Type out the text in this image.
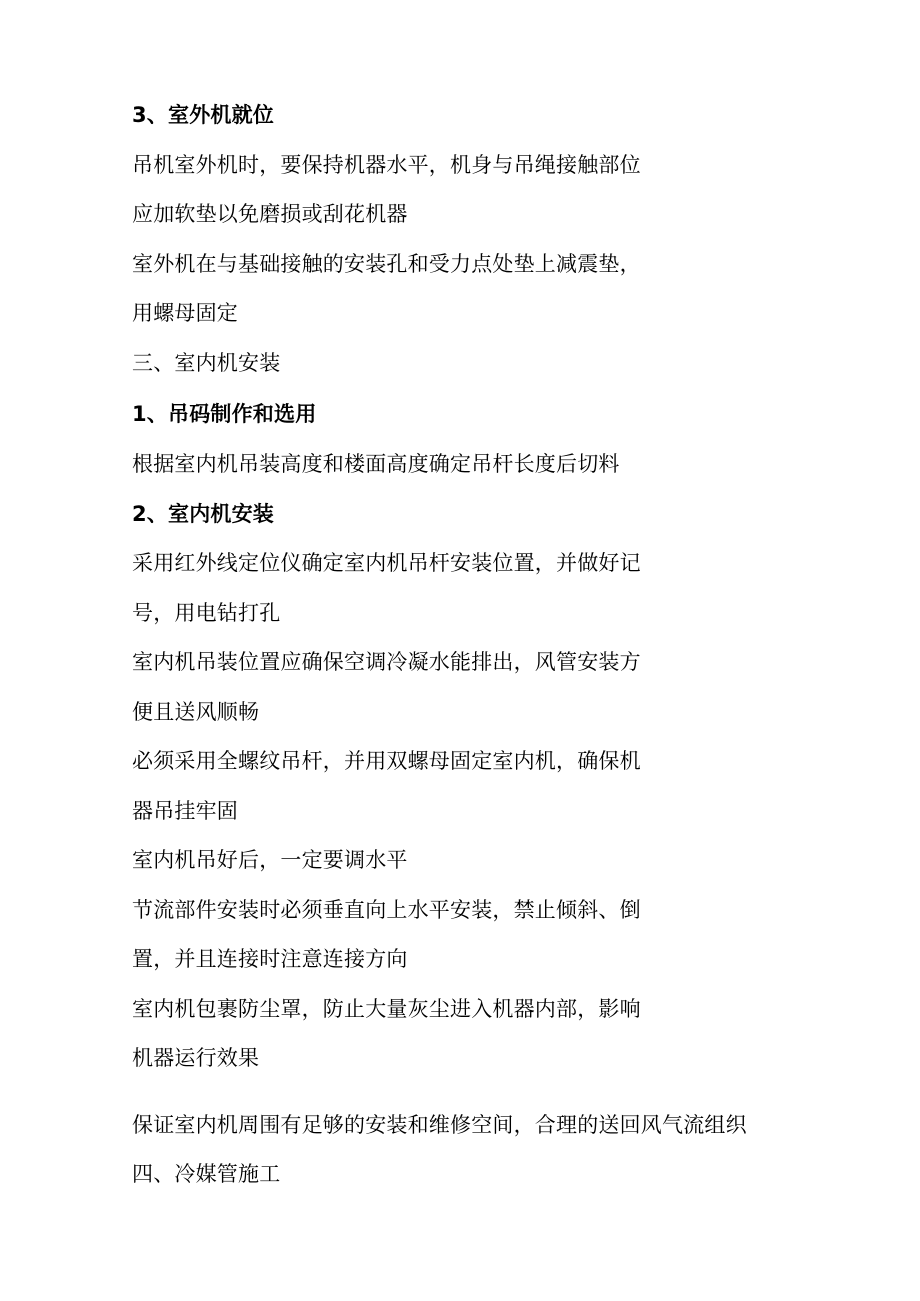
3、室外机就位
吊机室外机时，要保持机器水平，机身与吊绳接触部位
应加软垫以免磨损或刮花机器
室外机在与基础接触的安装孔和受力点处垫上减震垫，
用螺母固定
三、室内机安装
1、吊码制作和选用
根据室内机吊装高度和楼面高度确定吊杆长度后切料
2、室内机安装
采用红外线定位仪确定室内机吊杆安装位置，并做好记
号，用电钻打孔
室内机吊装位置应确保空调冷凝水能排出，风管安装方
便且送风顺畅
必须采用全螺纹吊杆，并用双螺母固定室内机，确保机
器吊挂牢固
室内机吊好后，一定要调水平
节流部件安装时必须垂直向上水平安装，禁止倾斜、倒
置，并且连接时注意连接方向
室内机包裹防尘罩，防止大量灰尘进入机器内部，影响
机器运行效果
保证室内机周围有足够的安装和维修空间，合理的送回风气流组织
四、冷媒管施工
